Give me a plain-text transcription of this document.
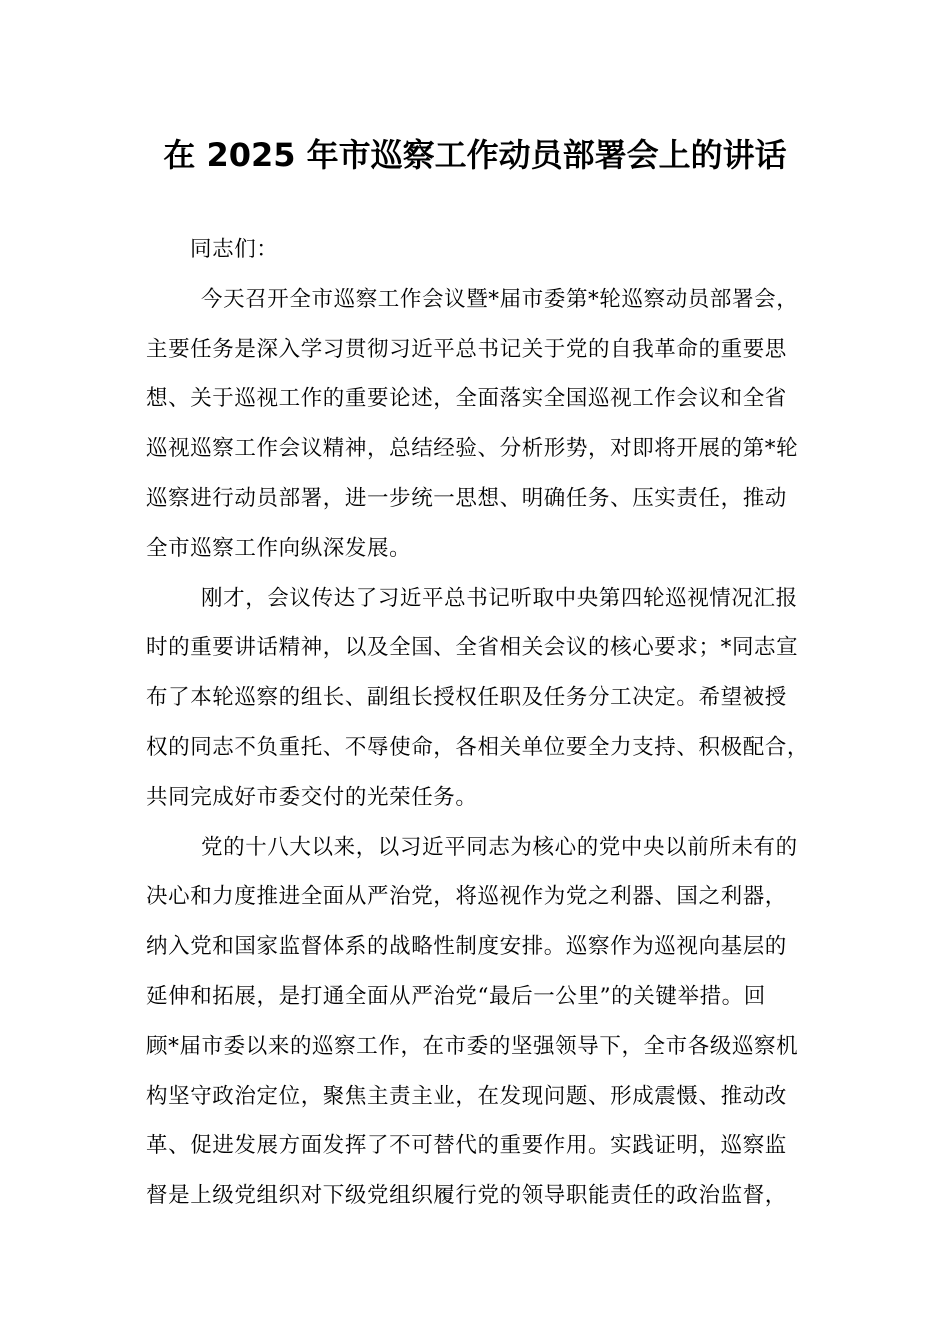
在 2025 年市巡察工作动员部署会上的讲话
同志们：
今天召开全市巡察工作会议暨*届市委第*轮巡察动员部署会，
主要任务是深入学习贯彻习近平总书记关于党的自我革命的重要思
想、关于巡视工作的重要论述，全面落实全国巡视工作会议和全省
巡视巡察工作会议精神，总结经验、分析形势，对即将开展的第*轮
巡察进行动员部署，进一步统一思想、明确任务、压实责任，推动
全市巡察工作向纵深发展。
刚才，会议传达了习近平总书记听取中央第四轮巡视情况汇报
时的重要讲话精神，以及全国、全省相关会议的核心要求；*同志宣
布了本轮巡察的组长、副组长授权任职及任务分工决定。希望被授
权的同志不负重托、不辱使命，各相关单位要全力支持、积极配合，
共同完成好市委交付的光荣任务。
党的十八大以来，以习近平同志为核心的党中央以前所未有的
决心和力度推进全面从严治党，将巡视作为党之利器、国之利器，
纳入党和国家监督体系的战略性制度安排。巡察作为巡视向基层的
延伸和拓展，是打通全面从严治党“最后一公里”的关键举措。回
顾*届市委以来的巡察工作，在市委的坚强领导下，全市各级巡察机
构坚守政治定位，聚焦主责主业，在发现问题、形成震慑、推动改
革、促进发展方面发挥了不可替代的重要作用。实践证明，巡察监
督是上级党组织对下级党组织履行党的领导职能责任的政治监督，
